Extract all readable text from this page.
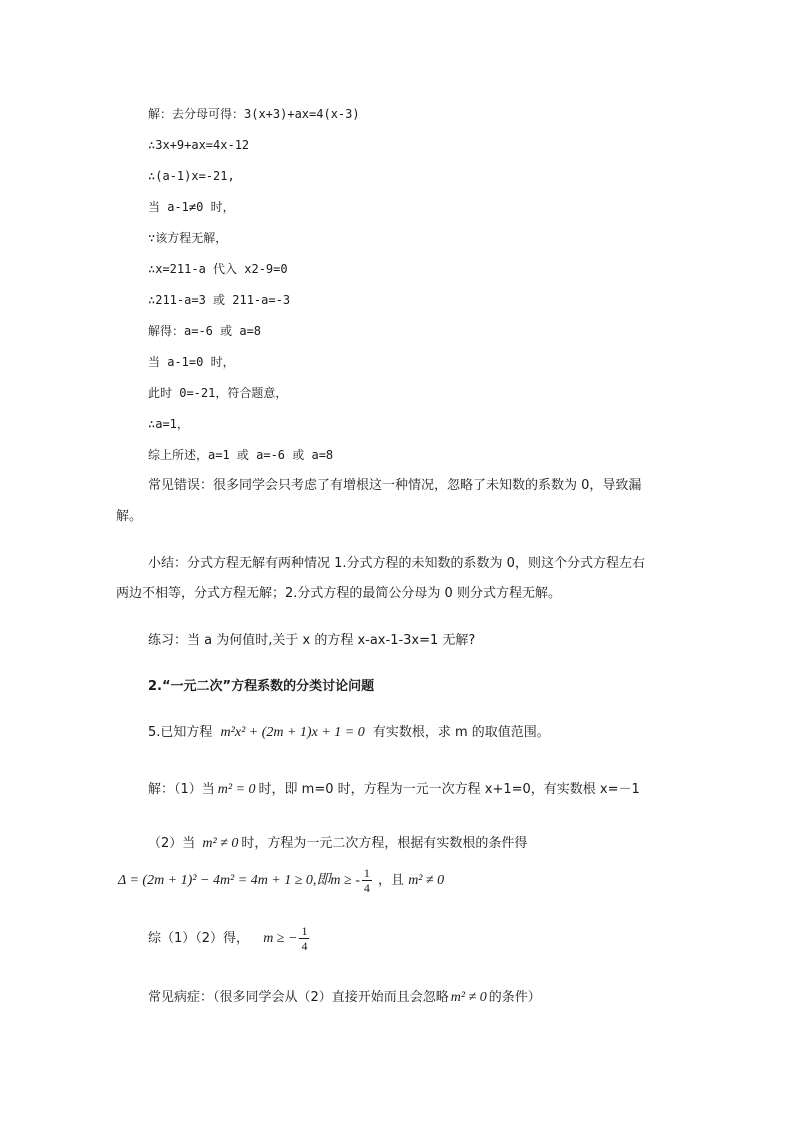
解：去分母可得：3(x+3)+ax=4(x-3)
∴3x+9+ax=4x-12
∴(a-1)x=-21,
当 a-1≠0 时，
∵该方程无解，
∴x=211-a 代入 x2-9=0
∴211-a=3 或 211-a=-3
解得：a=-6 或 a=8
当 a-1=0 时，
此时 0=-21，符合题意，
∴a=1，
综上所述，a=1 或 a=-6 或 a=8
常见错误：很多同学会只考虑了有增根这一种情况，忽略了未知数的系数为 0，导致漏
解。
小结：分式方程无解有两种情况 1.分式方程的未知数的系数为 0，则这个分式方程左右
两边不相等，分式方程无解；2.分式方程的最简公分母为 0 则分式方程无解。
练习：当 a 为何值时,关于 x 的方程 x-ax-1-3x=1 无解?
2.“一元二次”方程系数的分类讨论问题
5.已知方程 m²x² + (2m + 1)x + 1 = 0 有实数根，求 m 的取值范围。
解：（1）当 m² = 0 时，即 m=0 时，方程为一元一次方程 x+1=0，有实数根 x=－1
（2）当 m² ≠ 0 时，方程为一元二次方程，根据有实数根的条件得
Δ = (2m + 1)² − 4m² = 4m + 1 ≥ 0,即m ≥ - $\frac{1}{4}$ ，且 m² ≠ 0
综（1）（2）得， m ≥ − $\frac{1}{4}$
常见病症：（很多同学会从（2）直接开始而且会忽略 m² ≠ 0 的条件）
